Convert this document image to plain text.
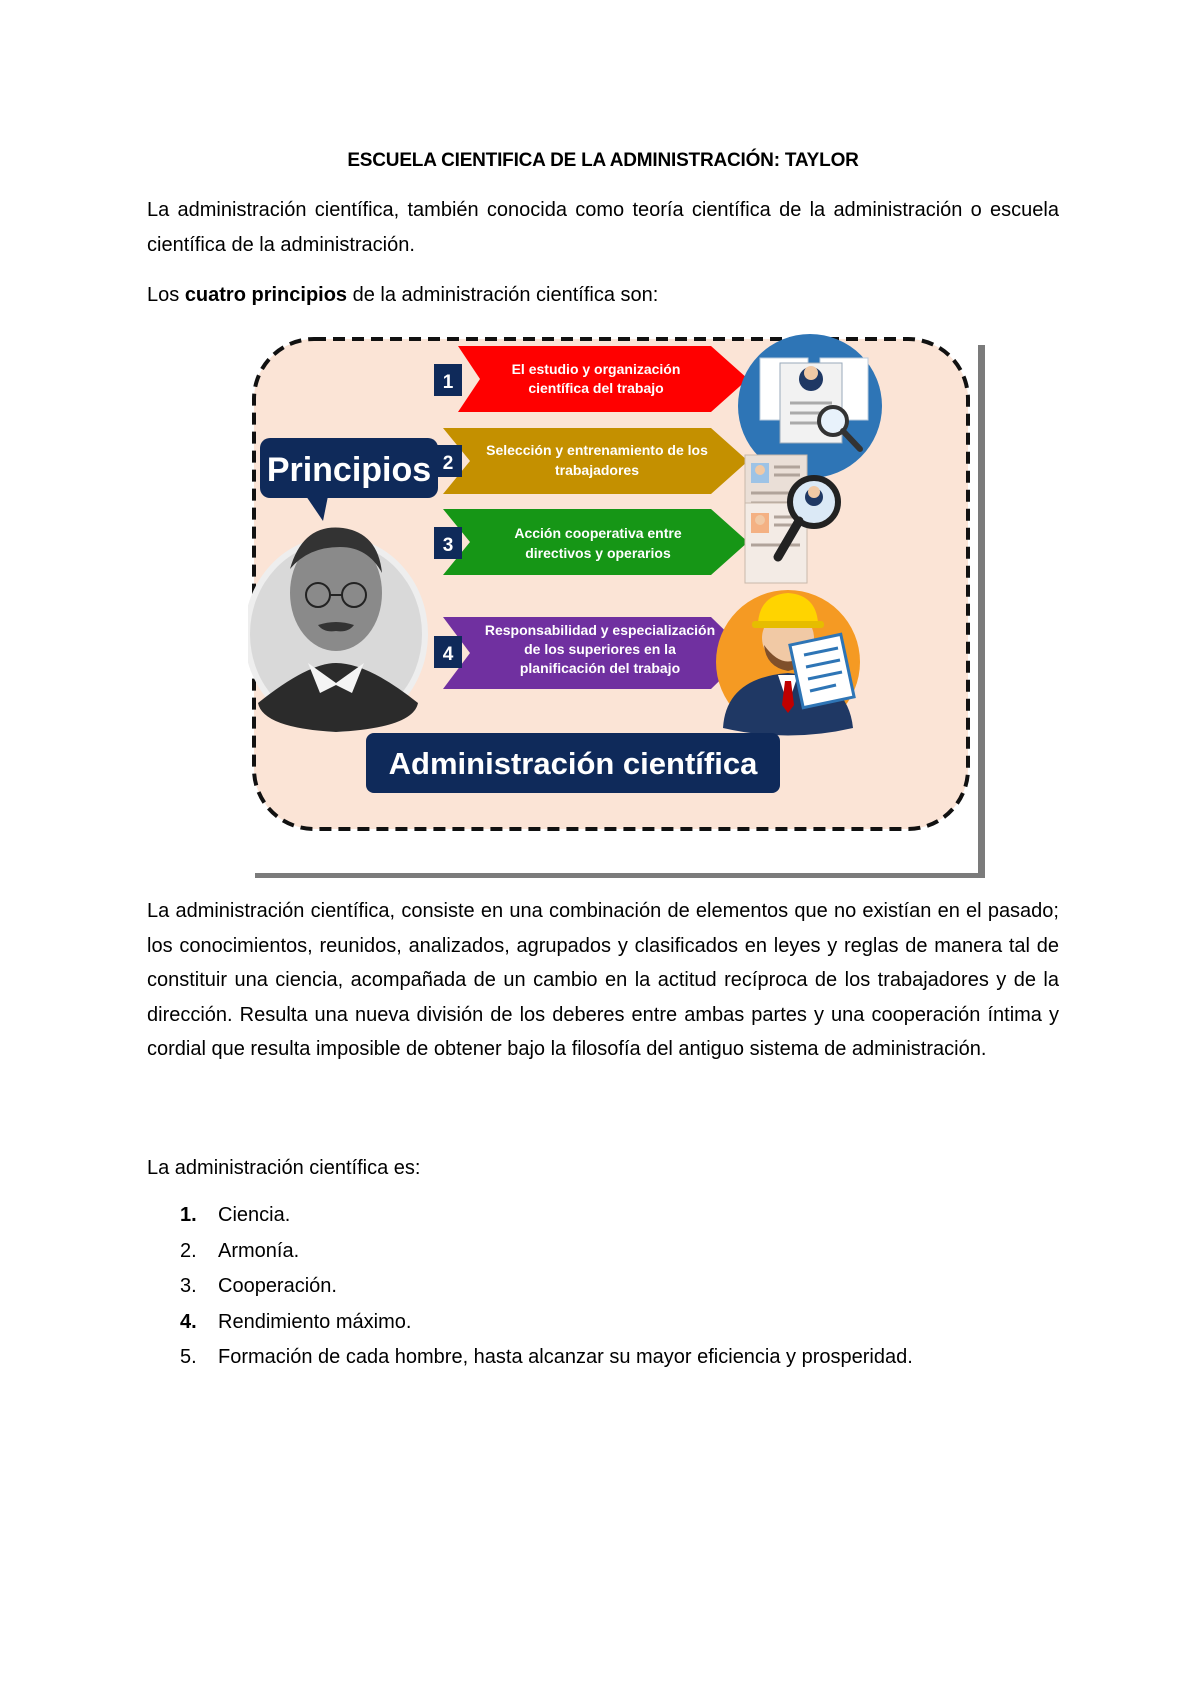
ESCUELA CIENTIFICA DE LA ADMINISTRACIÓN: TAYLOR

La administración científica, también conocida como teoría científica de la administración o escuela científica de la administración.

Los cuatro principios de la administración científica son:

Principios
1
El estudio y organización
científica del trabajo
2
Selección y entrenamiento de los
trabajadores
3
Acción cooperativa entre
directivos y operarios
4
Responsabilidad y especialización
de los superiores en la
planificación del trabajo
Administración científica

La administración científica, consiste en una combinación de elementos que no existían en el pasado; los conocimientos, reunidos, analizados, agrupados y clasificados en leyes y reglas de manera tal de constituir una ciencia, acompañada de un cambio en la actitud recíproca de los trabajadores y de la dirección. Resulta una nueva división de los deberes entre ambas partes y una cooperación íntima y cordial que resulta imposible de obtener bajo la filosofía del antiguo sistema de administración.

La administración científica es:

1.	Ciencia.
2.	Armonía.
3.	Cooperación.
4.	Rendimiento máximo.
5.	Formación de cada hombre, hasta alcanzar su mayor eficiencia y prosperidad.
